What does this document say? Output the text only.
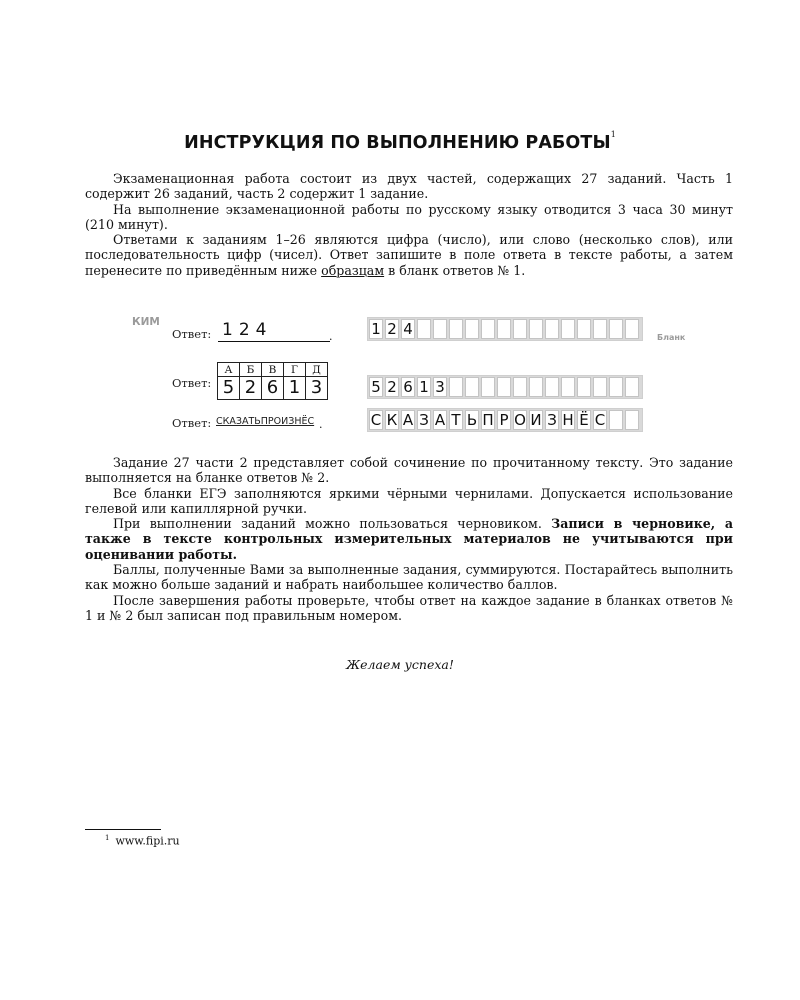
ИНСТРУКЦИЯ ПО ВЫПОЛНЕНИЮ РАБОТЫ$^1$

Экзаменационная работа состоит из двух частей, содержащих 27 заданий. Часть 1 содержит 26 заданий, часть 2 содержит 1 задание.

На выполнение экзаменационной работы по русскому языку отводится 3 часа 30 минут (210 минут).

Ответами к заданиям 1–26 являются цифра (число), или слово (несколько слов), или последовательность цифр (чисел). Ответ запишите в поле ответа в тексте работы, а затем перенесите по приведённым ниже образцам в бланк ответов № 1.

КИМ
Бланк
Ответ: 124	.
Ответ:
А	Б	В	Г	Д
5	2	6	1	3
Ответ: СКАЗАТЬПРОИЗНЁС .
1 2 4
5 2 6 1 3
С К А З А Т Ь П Р О И З Н Ё С

Задание 27 части 2 представляет собой сочинение по прочитанному тексту. Это задание выполняется на бланке ответов № 2.

Все бланки ЕГЭ заполняются яркими чёрными чернилами. Допускается использование гелевой или капиллярной ручки.

При выполнении заданий можно пользоваться черновиком. Записи в черновике, а также в тексте контрольных измерительных материалов не учитываются при оценивании работы.

Баллы, полученные Вами за выполненные задания, суммируются. Постарайтесь выполнить как можно больше заданий и набрать наибольшее количество баллов.

После завершения работы проверьте, чтобы ответ на каждое задание в бланках ответов № 1 и № 2 был записан под правильным номером.

Желаем успеха!
$^1$ www.fipi.ru
